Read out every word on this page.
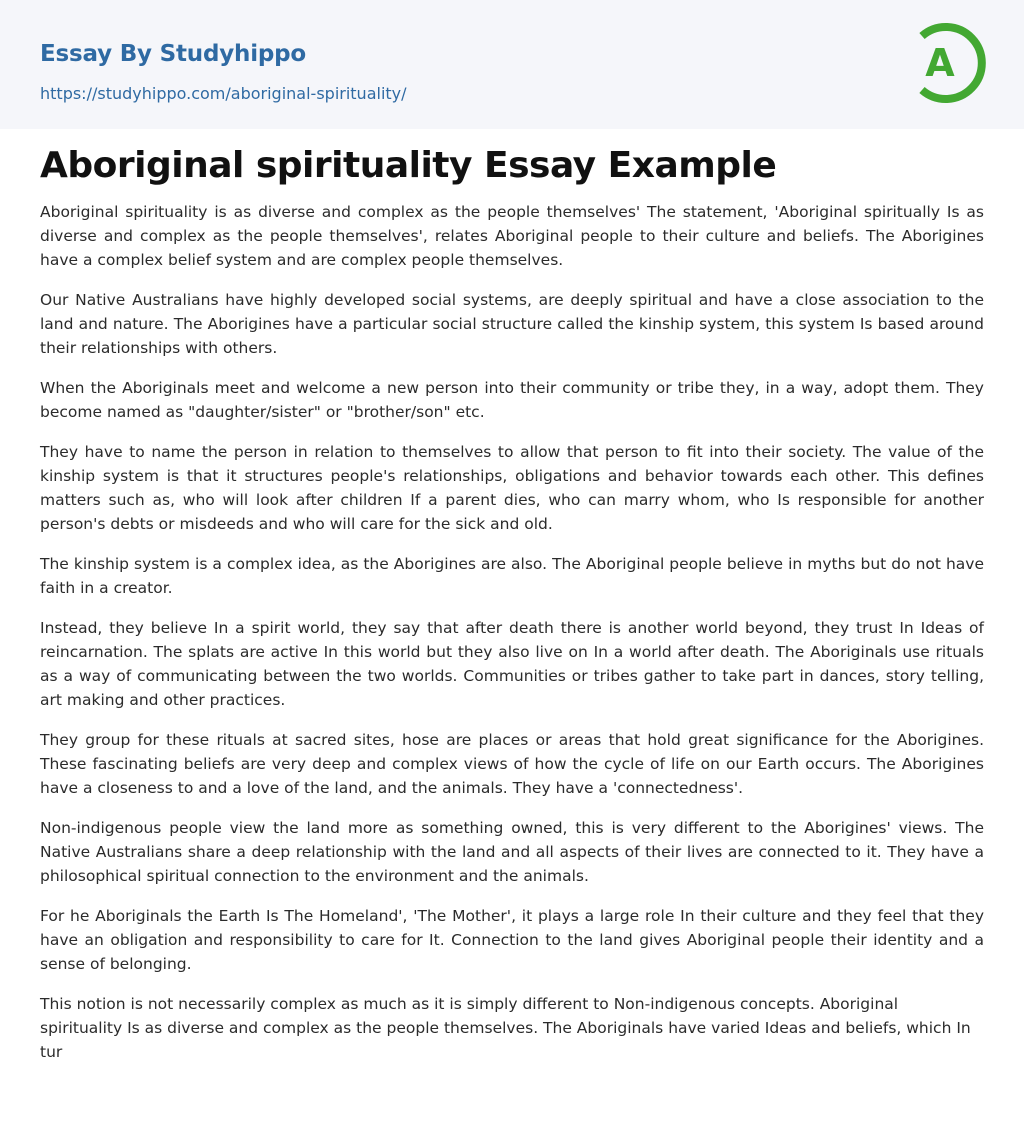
Essay By Studyhippo
https://studyhippo.com/aboriginal-spirituality/
A
Aboriginal spirituality Essay Example

Aboriginal spirituality is as diverse and complex as the people themselves' The statement, 'Aboriginal spiritually Is as diverse and complex as the people themselves', relates Aboriginal people to their culture and beliefs. The Aborigines have a complex belief system and are complex people themselves.

Our Native Australians have highly developed social systems, are deeply spiritual and have a close association to the land and nature. The Aborigines have a particular social structure called the kinship system, this system Is based around their relationships with others.

When the Aboriginals meet and welcome a new person into their community or tribe they, in a way, adopt them. They become named as "daughter/sister" or "brother/son" etc.

They have to name the person in relation to themselves to allow that person to fit into their society. The value of the kinship system is that it structures people's relationships, obligations and behavior towards each other. This defines matters such as, who will look after children If a parent dies, who can marry whom, who Is responsible for another person's debts or misdeeds and who will care for the sick and old.

The kinship system is a complex idea, as the Aborigines are also. The Aboriginal people believe in myths but do not have faith in a creator.

Instead, they believe In a spirit world, they say that after death there is another world beyond, they trust In Ideas of reincarnation. The splats are active In this world but they also live on In a world after death. The Aboriginals use rituals as a way of communicating between the two worlds. Communities or tribes gather to take part in dances, story telling, art making and other practices.

They group for these rituals at sacred sites, hose are places or areas that hold great significance for the Aborigines. These fascinating beliefs are very deep and complex views of how the cycle of life on our Earth occurs. The Aborigines have a closeness to and a love of the land, and the animals. They have a 'connectedness'.

Non-indigenous people view the land more as something owned, this is very different to the Aborigines' views. The Native Australians share a deep relationship with the land and all aspects of their lives are connected to it. They have a philosophical spiritual connection to the environment and the animals.

For he Aboriginals the Earth Is The Homeland', 'The Mother', it plays a large role In their culture and they feel that they have an obligation and responsibility to care for It. Connection to the land gives Aboriginal people their identity and a sense of belonging.

This notion is not necessarily complex as much as it is simply different to Non-indigenous concepts. Aboriginal spirituality Is as diverse and complex as the people themselves. The Aboriginals have varied Ideas and beliefs, which In tur
